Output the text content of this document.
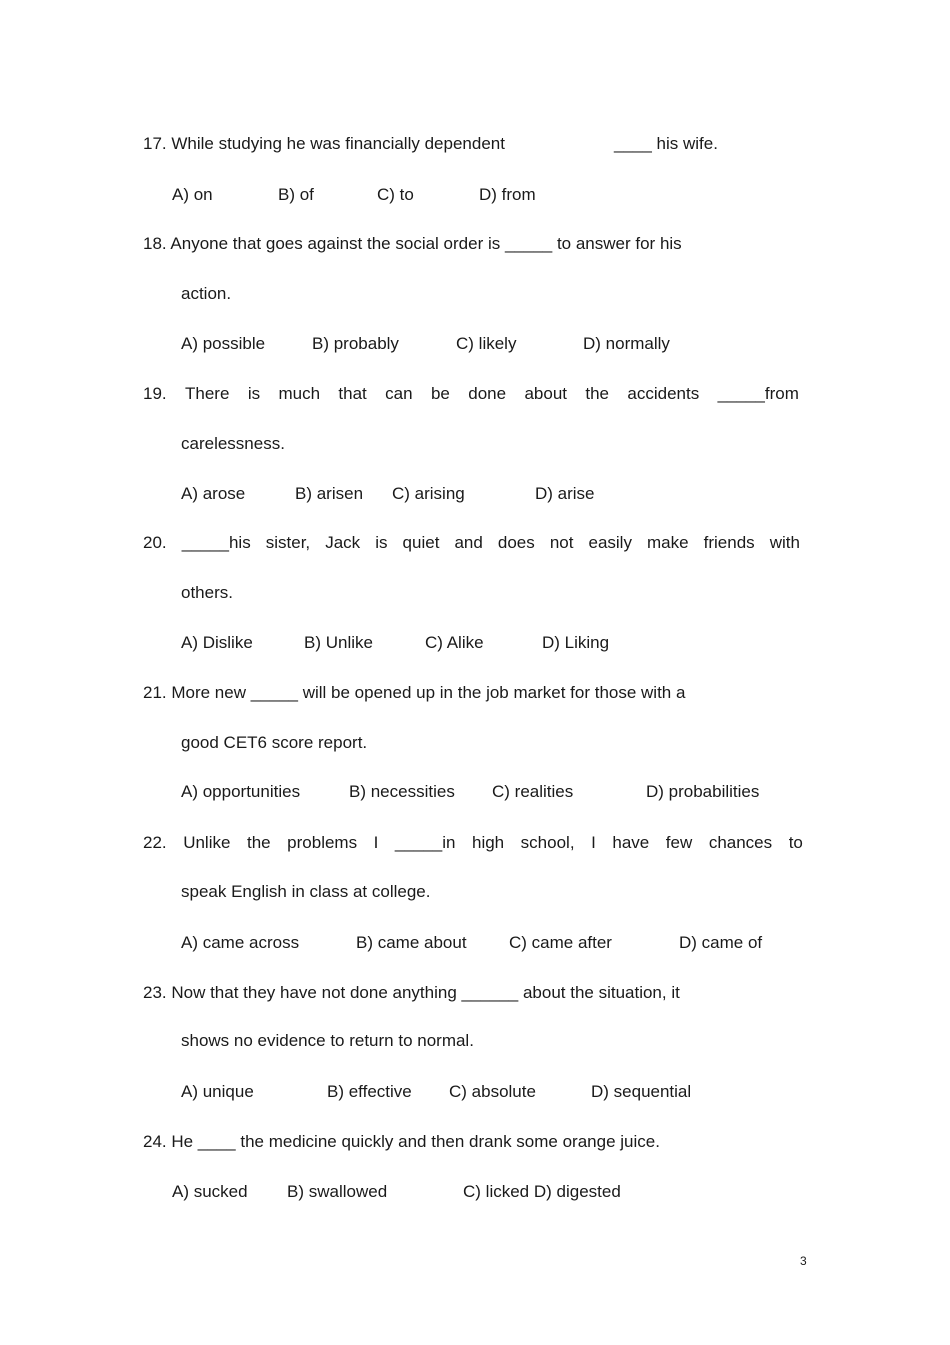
17. While studying he was financially dependent	____ his wife.
A) on	B) of	C) to	D) from
18. Anyone that goes against the social order is _____ to answer for his
action.
A) possible	B) probably	C) likely	D) normally
19. There is much that can be done about the accidents _____from
carelessness.
A) arose	B) arisen C) arising	D) arise
20. _____his sister, Jack is quiet and does not easily make friends with
others.
A) Dislike	B) Unlike	C) Alike	D) Liking
21. More new _____ will be opened up in the job market for those with a
good CET6 score report.
A) opportunities	B) necessities C) realities	D) probabilities
22. Unlike the problems I _____in high school, I have few chances to
speak English in class at college.
A) came across	B) came about C) came after	D) came of
23. Now that they have not done anything ______ about the situation, it
shows no evidence to return to normal.
A) unique	B) effective C) absolute	D) sequential
24. He ____ the medicine quickly and then drank some orange juice.
A) sucked B) swallowed	C) licked D) digested
3
